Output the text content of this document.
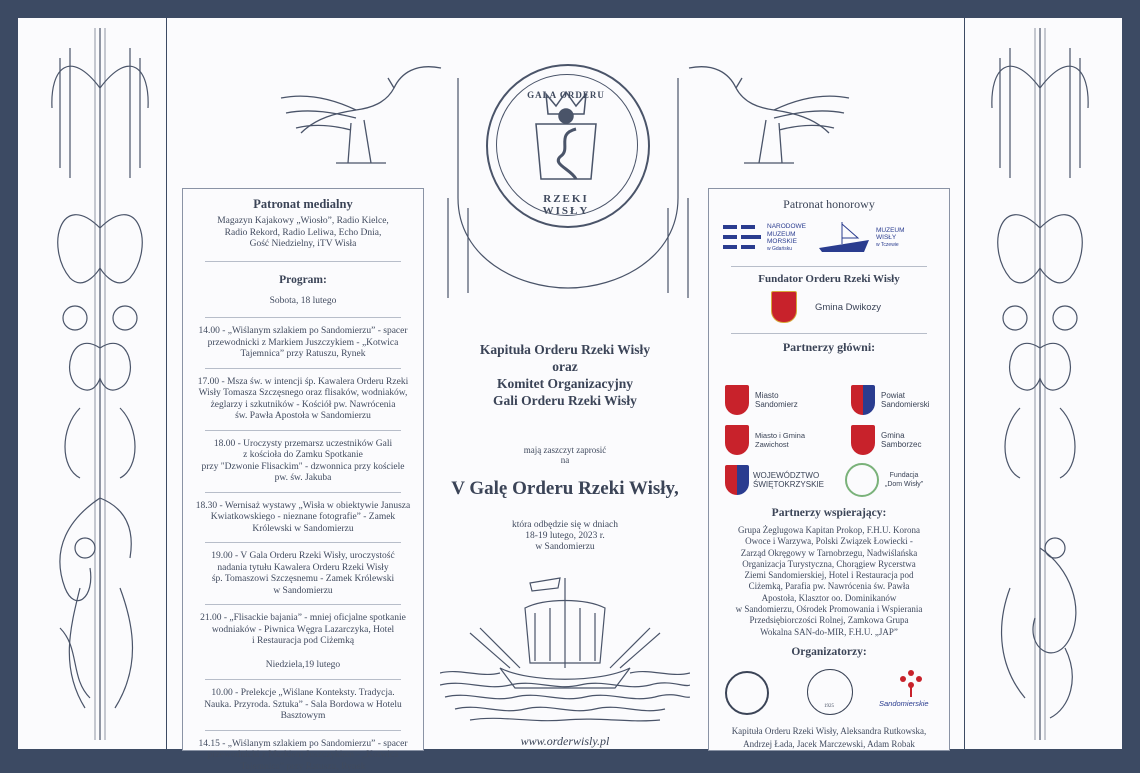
GALA ORDERU
RZEKI WISŁY
Patronat medialny
Magazyn Kajakowy „Wiosło”, Radio Kielce,
Radio Rekord, Radio Leliwa, Echo Dnia,
Gość Niedzielny, iTV Wisła
Program:
Sobota, 18 lutego
14.00 - „Wiślanym szlakiem po Sandomierzu” - spacer
przewodnicki z Markiem Juszczykiem - „Kotwica
Tajemnica” przy Ratuszu, Rynek
17.00 - Msza św. w intencji śp. Kawalera Orderu Rzeki
Wisły Tomasza Szczęsnego oraz flisaków, wodniaków,
żeglarzy i szkutników - Kościół pw. Nawrócenia
św. Pawła Apostoła w Sandomierzu
18.00 - Uroczysty przemarsz uczestników Gali
z kościoła do Zamku Spotkanie
przy "Dzwonie Flisackim" - dzwonnica przy kościele
pw. św. Jakuba
18.30 - Wernisaż wystawy „Wisła w obiektywie Janusza
Kwiatkowskiego - nieznane fotografie” - Zamek
Królewski w Sandomierzu
19.00 - V Gala Orderu Rzeki Wisły, uroczystość
nadania tytułu Kawalera Orderu Rzeki Wisły
śp. Tomaszowi Szczęsnemu - Zamek Królewski
w Sandomierzu
21.00 - „Flisackie bajania” - mniej oficjalne spotkanie
wodniaków - Piwnica Węgra Lazarczyka, Hotel
i Restauracja pod Ciżemką
Niedziela,19 lutego
10.00 - Prelekcje „Wiślane Konteksty. Tradycja.
Nauka. Przyroda. Sztuka” - Sala Bordowa w Hotelu
Basztowym
14.15 - „Wiślanym szlakiem po Sandomierzu” - spacer
przewodnicki z Markiem Juszczykiem - „Kotwica
Tajemnica” przy Ratuszu, Rynek
Kapituła Orderu Rzeki Wisły
oraz
Komitet Organizacyjny
Gali Orderu Rzeki Wisły
mają zaszczyt zaprosić
na
V Galę Orderu Rzeki Wisły,
która odbędzie się w dniach
18-19 lutego, 2023 r.
w Sandomierzu
www.orderwisly.pl
Patronat honorowy
NARODOWE
MUZEUM
MORSKIE
w Gdańsku
MUZEUM
WISŁY
w Tczewie
Fundator Orderu Rzeki Wisły
Gmina Dwikozy
Partnerzy główni:
Miasto
Sandomierz
Powiat
Sandomierski
Miasto i Gmina
Zawichost
Gmina
Samborzec
WOJEWÓDZTWO
ŚWIĘTOKRZYSKIE
Fundacja
„Dom Wisły”
Partnerzy wspierający:
Grupa Żeglugowa Kapitan Prokop, F.H.U. Korona
Owoce i Warzywa, Polski Związek Łowiecki -
Zarząd Okręgowy w Tarnobrzegu, Nadwiślańska
Organizacja Turystyczna, Chorągiew Rycerstwa
Ziemi Sandomierskiej, Hotel i Restauracja pod
Ciżemką, Parafia pw. Nawrócenia św. Pawła
Apostoła, Klasztor oo. Dominikanów
w Sandomierzu, Ośrodek Promowania i Wspierania
Przedsiębiorczości Rolnej, Zamkowa Grupa
Wokalna SAN-do-MIR, F.H.U. „JAP”
Organizatorzy:
1925	Sandomierskie
Kapituła Orderu Rzeki Wisły, Aleksandra Rutkowska,
Andrzej Łada, Jacek Marczewski, Adam Robak
